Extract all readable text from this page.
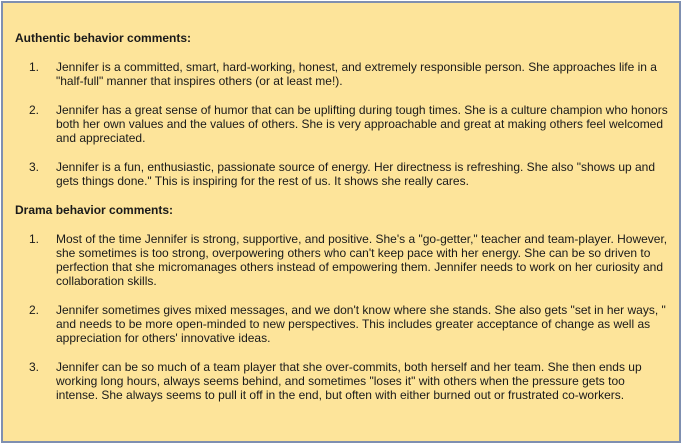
Authentic behavior comments:
1.	Jennifer is a committed, smart, hard-working, honest, and extremely responsible person. She approaches life in a "half-full" manner that inspires others (or at least me!).
2.	Jennifer has a great sense of humor that can be uplifting during tough times. She is a culture champion who honors both her own values and the values of others. She is very approachable and great at making others feel welcomed and appreciated.
3.	Jennifer is a fun, enthusiastic, passionate source of energy. Her directness is refreshing. She also "shows up and gets things done." This is inspiring for the rest of us. It shows she really cares.
Drama behavior comments:
1.	Most of the time Jennifer is strong, supportive, and positive. She's a "go-getter," teacher and team-player. However, she sometimes is too strong, overpowering others who can't keep pace with her energy. She can be so driven to perfection that she micromanages others instead of empowering them. Jennifer needs to work on her curiosity and collaboration skills.
2.	Jennifer sometimes gives mixed messages, and we don't know where she stands. She also gets "set in her ways, " and needs to be more open-minded to new perspectives. This includes greater acceptance of change as well as appreciation for others' innovative ideas.
3.	Jennifer can be so much of a team player that she over-commits, both herself and her team. She then ends up working long hours, always seems behind, and sometimes "loses it" with others when the pressure gets too intense. She always seems to pull it off in the end, but often with either burned out or frustrated co-workers.
